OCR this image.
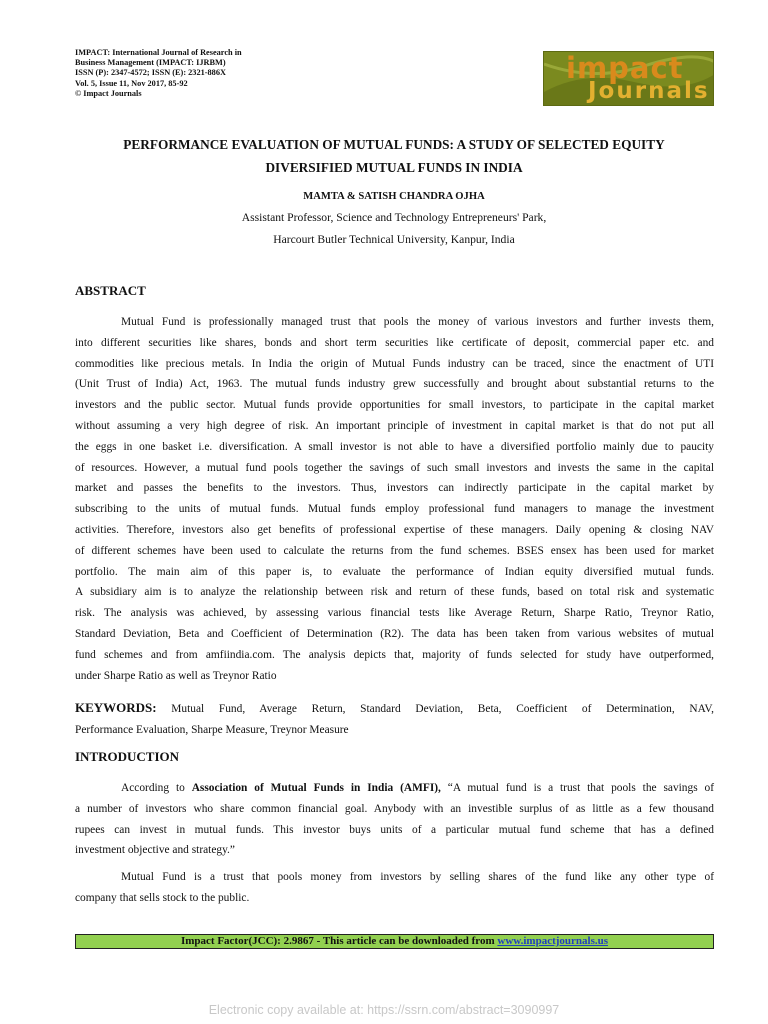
IMPACT: International Journal of Research in
Business Management (IMPACT: IJRBM)
ISSN (P): 2347-4572; ISSN (E): 2321-886X
Vol. 5, Issue 11, Nov 2017, 85-92
© Impact Journals
impact
Journals
PERFORMANCE EVALUATION OF MUTUAL FUNDS: A STUDY OF SELECTED EQUITY
DIVERSIFIED MUTUAL FUNDS IN INDIA
MAMTA & SATISH CHANDRA OJHA
Assistant Professor, Science and Technology Entrepreneurs' Park,
Harcourt Butler Technical University, Kanpur, India
ABSTRACT
Mutual Fund is professionally managed trust that pools the money of various investors and further invests them,
into different securities like shares, bonds and short term securities like certificate of deposit, commercial paper etc. and
commodities like precious metals. In India the origin of Mutual Funds industry can be traced, since the enactment of UTI
(Unit Trust of India) Act, 1963. The mutual funds industry grew successfully and brought about substantial returns to the
investors and the public sector. Mutual funds provide opportunities for small investors, to participate in the capital market
without assuming a very high degree of risk. An important principle of investment in capital market is that do not put all
the eggs in one basket i.e. diversification. A small investor is not able to have a diversified portfolio mainly due to paucity
of resources. However, a mutual fund pools together the savings of such small investors and invests the same in the capital
market and passes the benefits to the investors. Thus, investors can indirectly participate in the capital market by
subscribing to the units of mutual funds. Mutual funds employ professional fund managers to manage the investment
activities. Therefore, investors also get benefits of professional expertise of these managers. Daily opening & closing NAV
of different schemes have been used to calculate the returns from the fund schemes. BSES ensex has been used for market
portfolio. The main aim of this paper is, to evaluate the performance of Indian equity diversified mutual funds.
A subsidiary aim is to analyze the relationship between risk and return of these funds, based on total risk and systematic
risk. The analysis was achieved, by assessing various financial tests like Average Return, Sharpe Ratio, Treynor Ratio,
Standard Deviation, Beta and Coefficient of Determination (R2). The data has been taken from various websites of mutual
fund schemes and from amfiindia.com. The analysis depicts that, majority of funds selected for study have outperformed,
under Sharpe Ratio as well as Treynor Ratio
KEYWORDS: Mutual Fund, Average Return, Standard Deviation, Beta, Coefficient of Determination, NAV,
Performance Evaluation, Sharpe Measure, Treynor Measure
INTRODUCTION
According to Association of Mutual Funds in India (AMFI), “A mutual fund is a trust that pools the savings of
a number of investors who share common financial goal. Anybody with an investible surplus of as little as a few thousand
rupees can invest in mutual funds. This investor buys units of a particular mutual fund scheme that has a defined
investment objective and strategy.”
Mutual Fund is a trust that pools money from investors by selling shares of the fund like any other type of
company that sells stock to the public.
Impact Factor(JCC): 2.9867 - This article can be downloaded from www.impactjournals.us
Electronic copy available at: https://ssrn.com/abstract=3090997
